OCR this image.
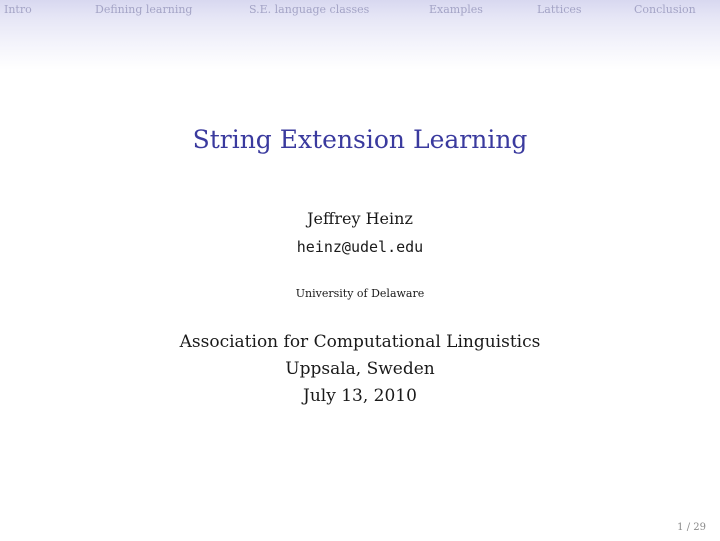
Intro	Defining learning	S.E. language classes	Examples	Lattices	Conclusion
String Extension Learning
Jeffrey Heinz
heinz@udel.edu
University of Delaware
Association for Computational Linguistics
Uppsala, Sweden
July 13, 2010
1 / 29
